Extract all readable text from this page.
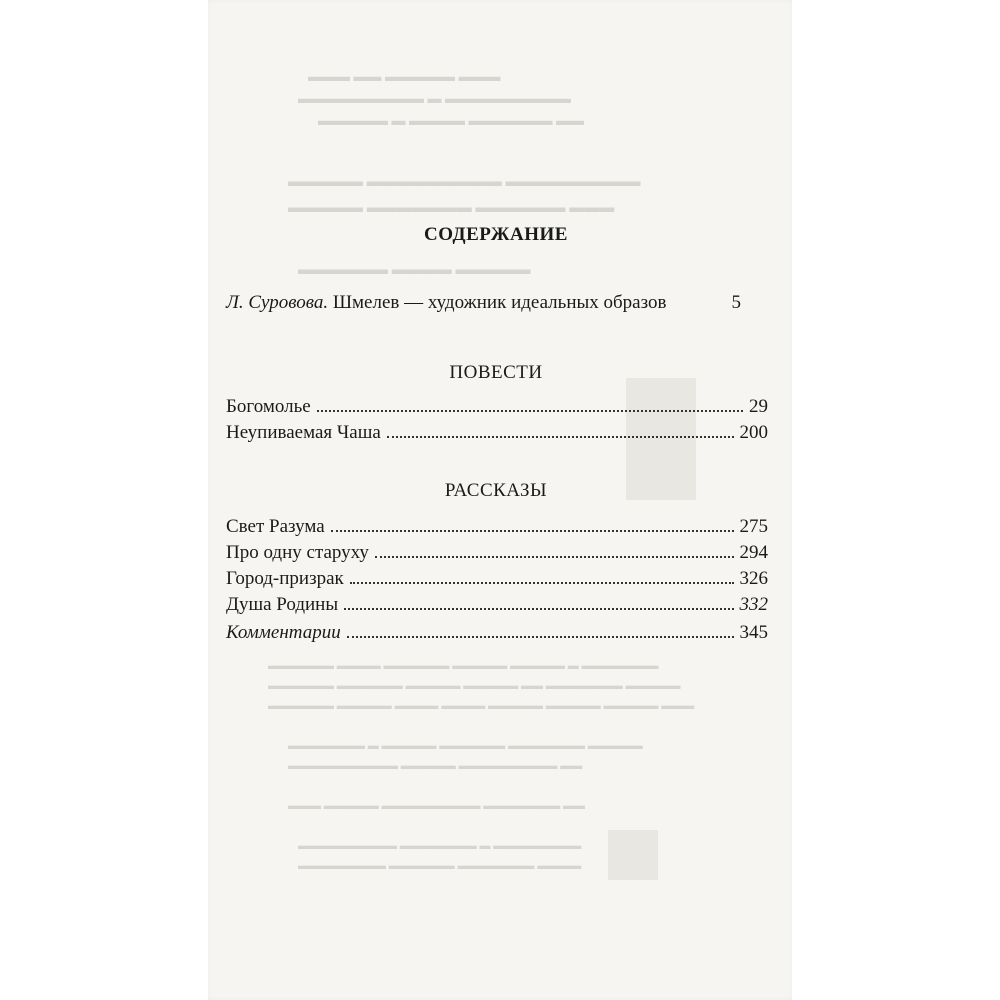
▬▬▬ ▬▬▬▬▬ ▬▬ ▬▬▬
▬▬▬▬▬▬▬▬▬ ▬ ▬▬▬▬▬▬▬▬▬
▬▬ ▬▬▬▬▬▬ ▬▬▬▬ ▬ ▬▬▬▬▬
▬▬▬▬▬▬▬▬▬ ▬▬▬▬▬▬▬▬▬ ▬▬▬▬▬
▬▬▬ ▬▬▬▬▬▬ ▬▬▬▬▬▬▬ ▬▬▬▬▬
▬▬▬▬▬ ▬▬▬▬ ▬▬▬▬▬▬
▬▬▬▬▬▬▬ ▬ ▬▬▬▬▬ ▬▬▬▬▬ ▬▬▬▬▬▬ ▬▬▬▬ ▬▬▬▬▬▬
▬▬▬▬▬ ▬▬▬▬▬▬▬ ▬▬ ▬▬▬▬▬ ▬▬▬▬▬ ▬▬▬▬▬▬ ▬▬▬▬▬▬
▬▬▬ ▬▬▬▬▬ ▬▬▬▬▬ ▬▬▬▬▬ ▬▬▬▬ ▬▬▬▬ ▬▬▬▬▬ ▬▬▬▬▬▬
▬▬▬▬▬ ▬▬▬▬▬▬▬ ▬▬▬▬▬▬ ▬▬▬▬▬ ▬ ▬▬▬▬▬▬▬
▬▬ ▬▬▬▬▬▬▬▬▬ ▬▬▬▬▬ ▬▬▬▬▬▬▬▬▬▬
▬▬ ▬▬▬▬▬▬▬ ▬▬▬▬▬▬▬▬▬ ▬▬▬▬▬ ▬▬▬
▬▬▬▬▬▬▬▬ ▬ ▬▬▬▬▬▬▬ ▬▬▬▬▬▬▬▬▬
▬▬▬▬ ▬▬▬▬▬▬▬ ▬▬▬▬▬▬ ▬▬▬▬▬▬▬▬
СОДЕРЖАНИЕ
Л. Суровова. Шмелев — художник идеальных образов	5
ПОВЕСТИ
Богомолье	29
Неупиваемая Чаша	200
РАССКАЗЫ
Свет Разума	275
Про одну старуху	294
Город-призрак	326
Душа Родины	332
Комментарии	345
